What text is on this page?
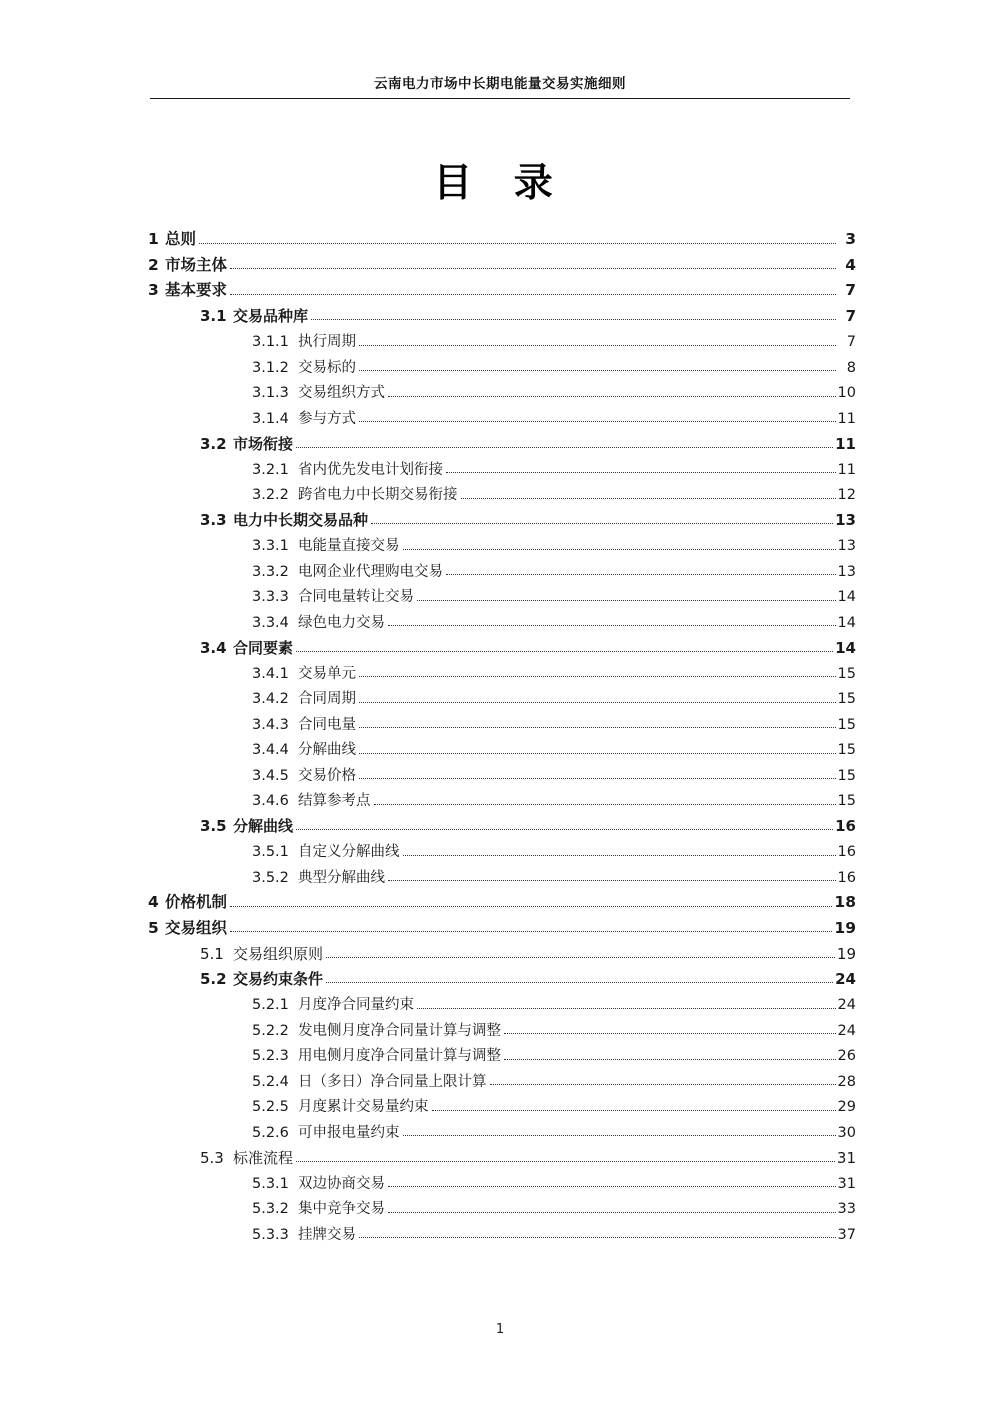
云南电力市场中长期电能量交易实施细则
目 录
1 总则	3
2 市场主体	4
3 基本要求	7
3.1 交易品种库	7
3.1.1 执行周期	7
3.1.2 交易标的	8
3.1.3 交易组织方式	10
3.1.4 参与方式	11
3.2 市场衔接	11
3.2.1 省内优先发电计划衔接	11
3.2.2 跨省电力中长期交易衔接	12
3.3 电力中长期交易品种	13
3.3.1 电能量直接交易	13
3.3.2 电网企业代理购电交易	13
3.3.3 合同电量转让交易	14
3.3.4 绿色电力交易	14
3.4 合同要素	14
3.4.1 交易单元	15
3.4.2 合同周期	15
3.4.3 合同电量	15
3.4.4 分解曲线	15
3.4.5 交易价格	15
3.4.6 结算参考点	15
3.5 分解曲线	16
3.5.1 自定义分解曲线	16
3.5.2 典型分解曲线	16
4 价格机制	18
5 交易组织	19
5.1 交易组织原则	19
5.2 交易约束条件	24
5.2.1 月度净合同量约束	24
5.2.2 发电侧月度净合同量计算与调整	24
5.2.3 用电侧月度净合同量计算与调整	26
5.2.4 日（多日）净合同量上限计算	28
5.2.5 月度累计交易量约束	29
5.2.6 可申报电量约束	30
5.3 标准流程	31
5.3.1 双边协商交易	31
5.3.2 集中竞争交易	33
5.3.3 挂牌交易	37
1
